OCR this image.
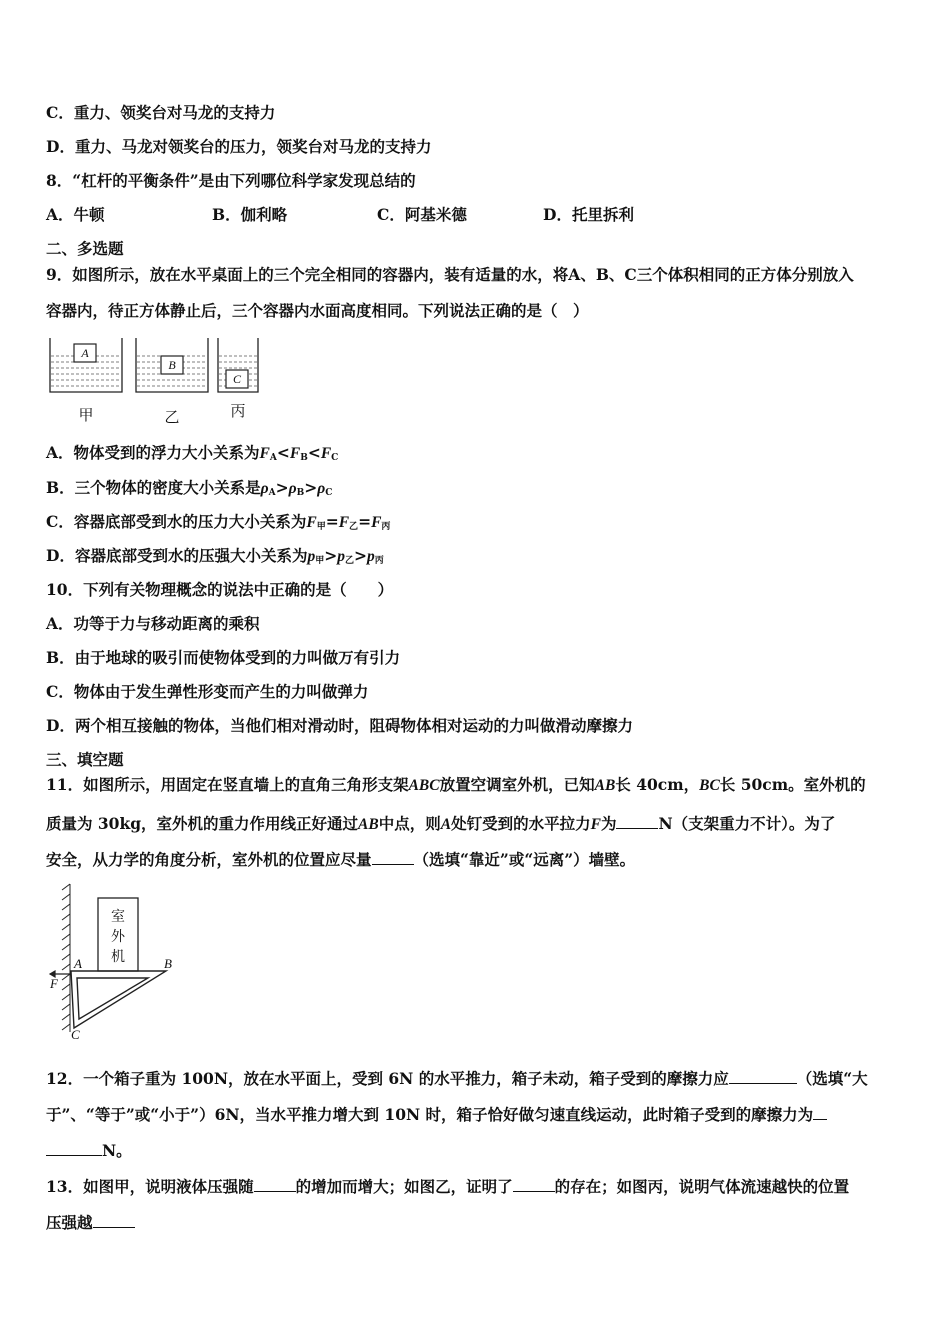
C．重力、领奖台对马龙的支持力
D．重力、马龙对领奖台的压力，领奖台对马龙的支持力
8．“杠杆的平衡条件”是由下列哪位科学家发现总结的
A．牛顿	B．伽利略	C．阿基米德	D．托里拆利
二、多选题
9．如图所示，放在水平桌面上的三个完全相同的容器内，装有适量的水，将A、B、C三个体积相同的正方体分别放入
容器内，待正方体静止后，三个容器内水面高度相同。下列说法正确的是（　）
A
B
C
甲	乙	丙
A．物体受到的浮力大小关系为$F_A<F_B<F_C$
B．三个物体的密度大小关系是$\rho_A>\rho_B>\rho_C$
C．容器底部受到水的压力大小关系为$F_甲=F_乙=F_丙$
D．容器底部受到水的压强大小关系为$p_甲>p_乙>p_丙$
10．下列有关物理概念的说法中正确的是（　　）
A．功等于力与移动距离的乘积
B．由于地球的吸引而使物体受到的力叫做万有引力
C．物体由于发生弹性形变而产生的力叫做弹力
D．两个相互接触的物体，当他们相对滑动时，阻碍物体相对运动的力叫做滑动摩擦力
三、填空题
11．如图所示，用固定在竖直墙上的直角三角形支架ABC放置空调室外机，已知AB长 40cm，BC长 50cm。室外机的
质量为 30kg，室外机的重力作用线正好通过AB中点，则A处钉受到的水平拉力F为	N（支架重力不计）。为了
安全，从力学的角度分析，室外机的位置应尽量	（选填“靠近”或“远离”）墙壁。
室
外
机
A	B
C
F
12．一个箱子重为 100N，放在水平面上，受到 6N 的水平推力，箱子未动，箱子受到的摩擦力应	（选填“大
于”、“等于”或“小于”）6N，当水平推力增大到 10N 时，箱子恰好做匀速直线运动，此时箱子受到的摩擦力为
N。
13．如图甲，说明液体压强随	的增加而增大；如图乙，证明了	的存在；如图丙，说明气体流速越快的位置
压强越
